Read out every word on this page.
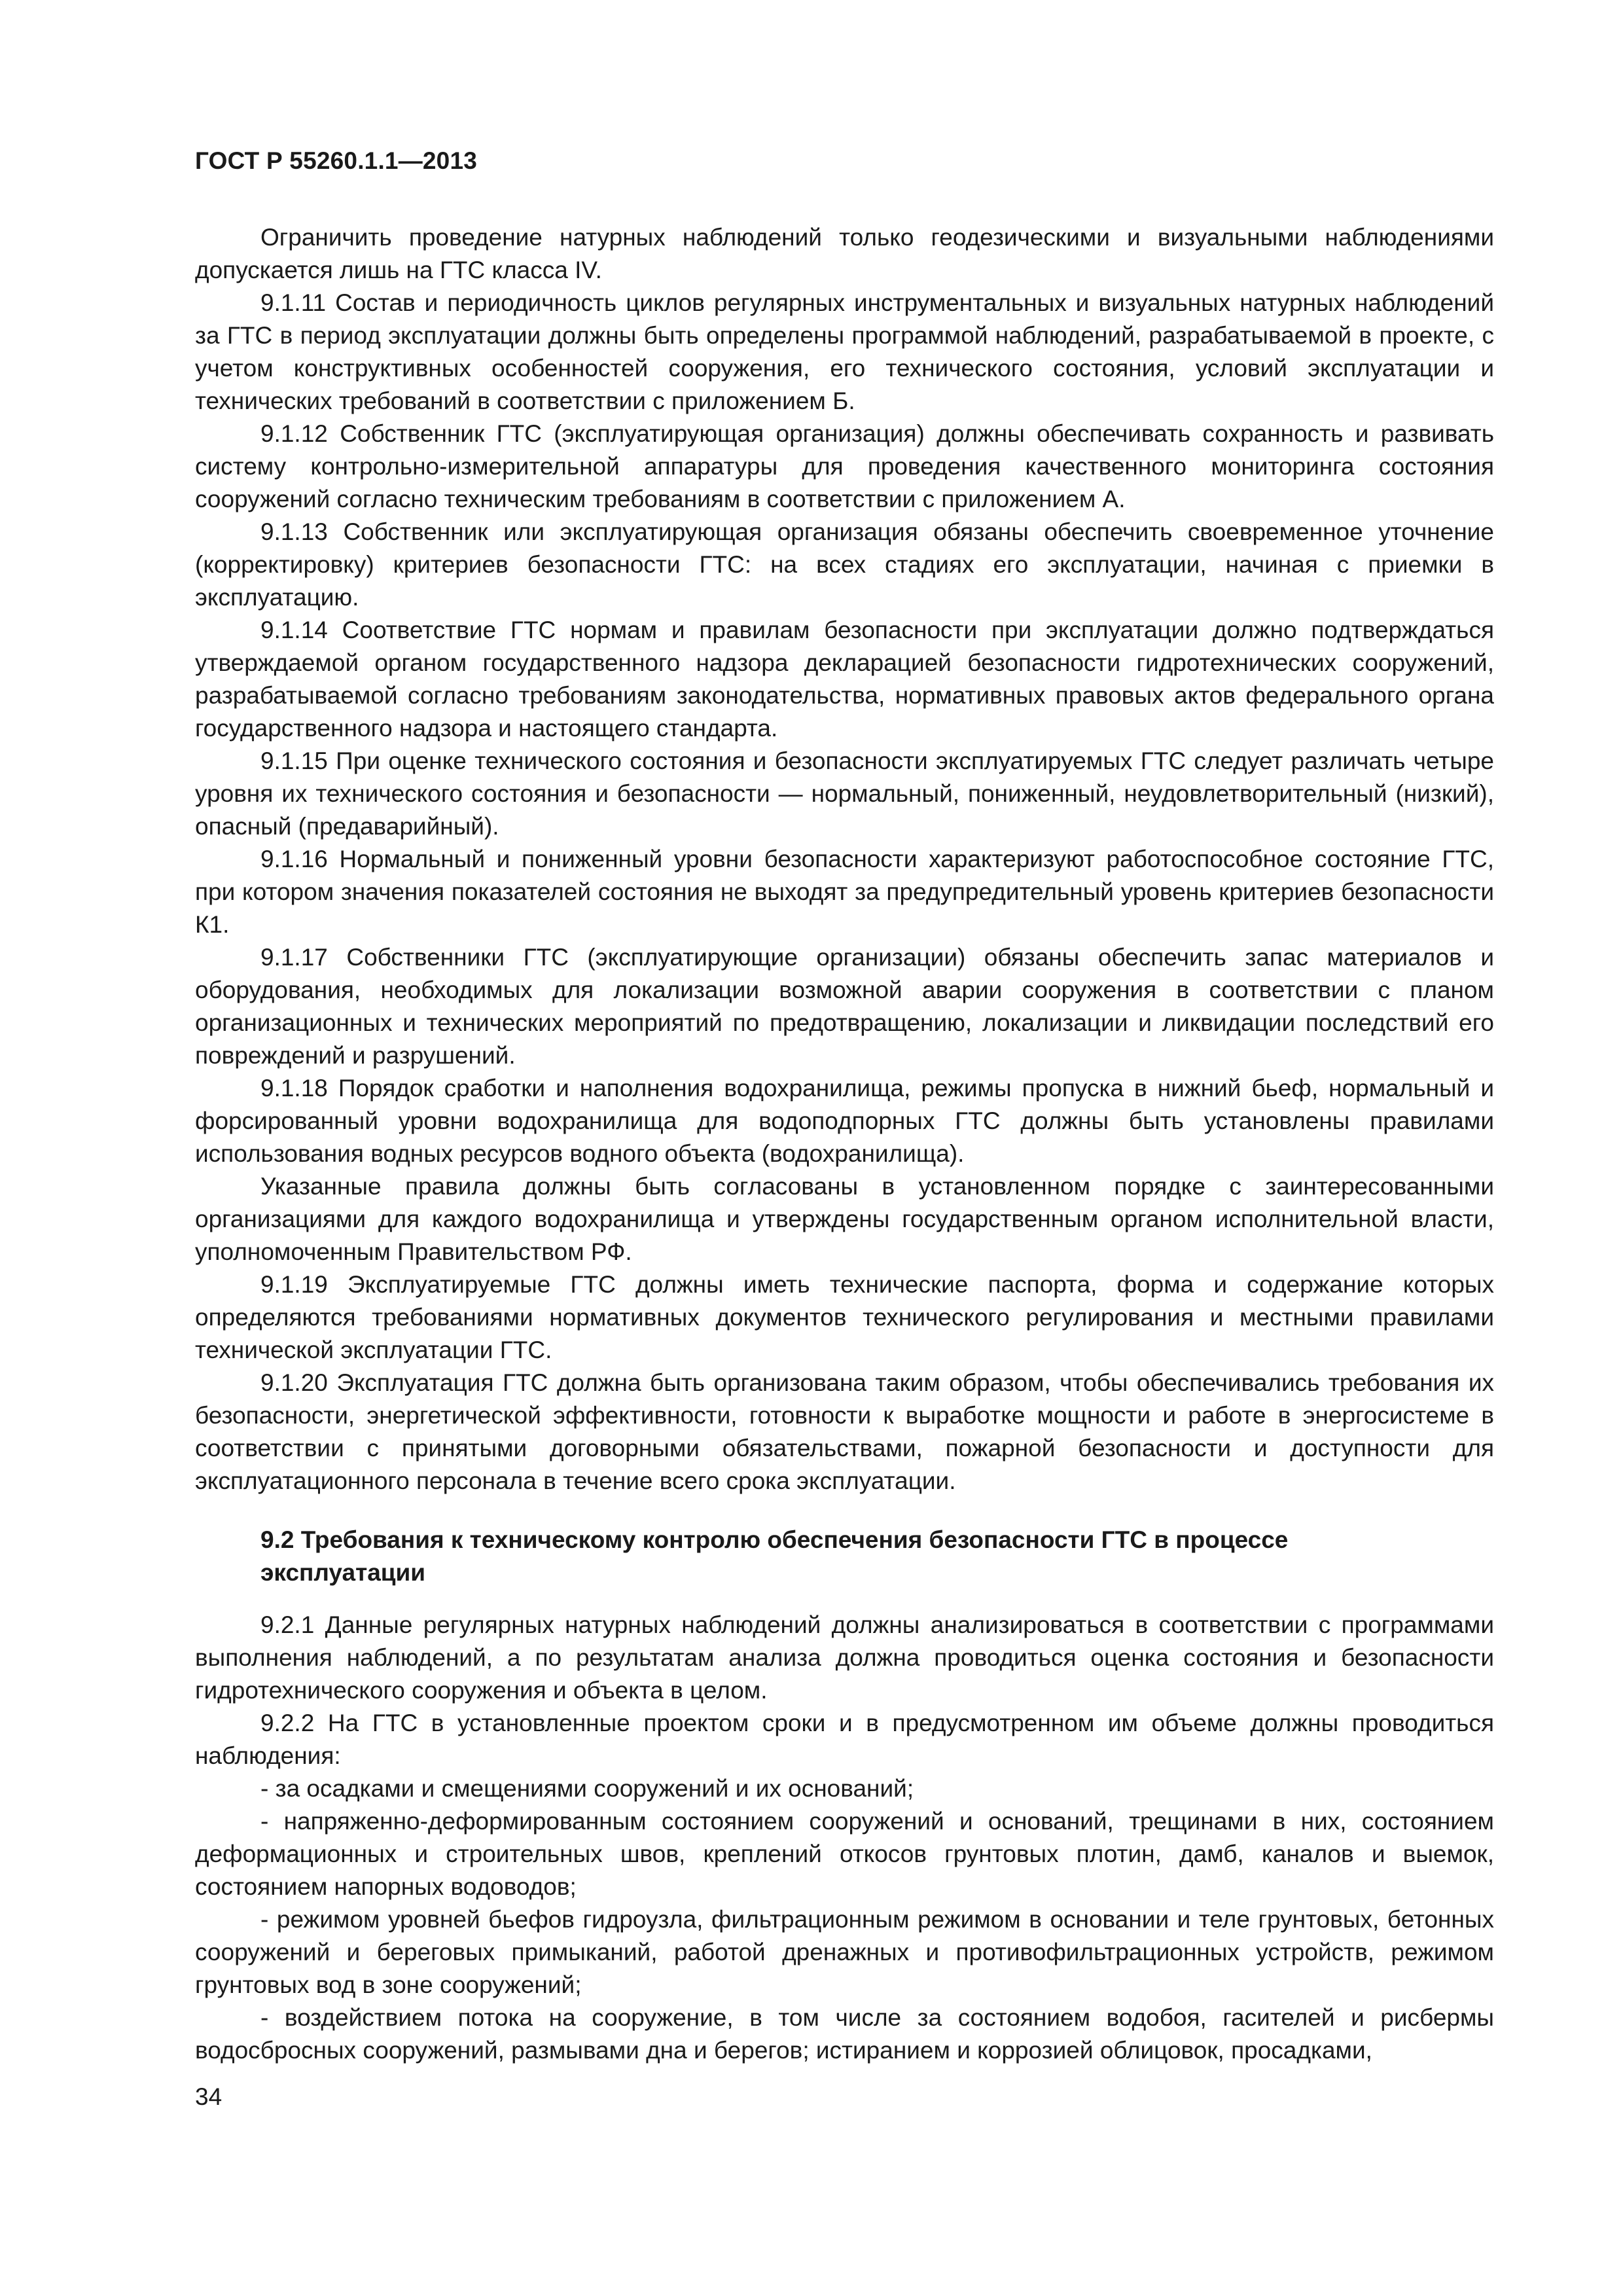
ГОСТ Р 55260.1.1—2013

Ограничить проведение натурных наблюдений только геодезическими и визуальными наблюдениями допускается лишь на ГТС класса IV.

9.1.11 Состав и периодичность циклов регулярных инструментальных и визуальных натурных наблюдений за ГТС в период эксплуатации должны быть определены программой наблюдений, разрабатываемой в проекте, с учетом конструктивных особенностей сооружения, его технического состояния, условий эксплуатации и технических требований в соответствии с приложением Б.

9.1.12 Собственник ГТС (эксплуатирующая организация) должны обеспечивать сохранность и развивать систему контрольно-измерительной аппаратуры для проведения качественного мониторинга состояния сооружений согласно техническим требованиям в соответствии с приложением А.

9.1.13 Собственник или эксплуатирующая организация обязаны обеспечить своевременное уточнение (корректировку) критериев безопасности ГТС: на всех стадиях его эксплуатации, начиная с приемки в эксплуатацию.

9.1.14 Соответствие ГТС нормам и правилам безопасности при эксплуатации должно подтверждаться утверждаемой органом государственного надзора декларацией безопасности гидротехнических сооружений, разрабатываемой согласно требованиям законодательства, нормативных правовых актов федерального органа государственного надзора и настоящего стандарта.

9.1.15 При оценке технического состояния и безопасности эксплуатируемых ГТС следует различать четыре уровня их технического состояния и безопасности — нормальный, пониженный, неудовлетворительный (низкий), опасный (предаварийный).

9.1.16 Нормальный и пониженный уровни безопасности характеризуют работоспособное состояние ГТС, при котором значения показателей состояния не выходят за предупредительный уровень критериев безопасности К1.

9.1.17 Собственники ГТС (эксплуатирующие организации) обязаны обеспечить запас материалов и оборудования, необходимых для локализации возможной аварии сооружения в соответствии с планом организационных и технических мероприятий по предотвращению, локализации и ликвидации последствий его повреждений и разрушений.

9.1.18 Порядок сработки и наполнения водохранилища, режимы пропуска в нижний бьеф, нормальный и форсированный уровни водохранилища для водоподпорных ГТС должны быть установлены правилами использования водных ресурсов водного объекта (водохранилища).

Указанные правила должны быть согласованы в установленном порядке с заинтересованными организациями для каждого водохранилища и утверждены государственным органом исполнительной власти, уполномоченным Правительством РФ.

9.1.19 Эксплуатируемые ГТС должны иметь технические паспорта, форма и содержание которых определяются требованиями нормативных документов технического регулирования и местными правилами технической эксплуатации ГТС.

9.1.20 Эксплуатация ГТС должна быть организована таким образом, чтобы обеспечивались требования их безопасности, энергетической эффективности, готовности к выработке мощности и работе в энергосистеме в соответствии с принятыми договорными обязательствами, пожарной безопасности и доступности для эксплуатационного персонала в течение всего срока эксплуатации.

9.2 Требования к техническому контролю обеспечения безопасности ГТС в процессе
эксплуатации

9.2.1 Данные регулярных натурных наблюдений должны анализироваться в соответствии с программами выполнения наблюдений, а по результатам анализа должна проводиться оценка состояния и безопасности гидротехнического сооружения и объекта в целом.

9.2.2 На ГТС в установленные проектом сроки и в предусмотренном им объеме должны проводиться наблюдения:

- за осадками и смещениями сооружений и их оснований;

- напряженно-деформированным состоянием сооружений и оснований, трещинами в них, состоянием деформационных и строительных швов, креплений откосов грунтовых плотин, дамб, каналов и выемок, состоянием напорных водоводов;

- режимом уровней бьефов гидроузла, фильтрационным режимом в основании и теле грунтовых, бетонных сооружений и береговых примыканий, работой дренажных и противофильтрационных устройств, режимом грунтовых вод в зоне сооружений;

- воздействием потока на сооружение, в том числе за состоянием водобоя, гасителей и рисбермы водосбросных сооружений, размывами дна и берегов; истиранием и коррозией облицовок, просадками,

34
